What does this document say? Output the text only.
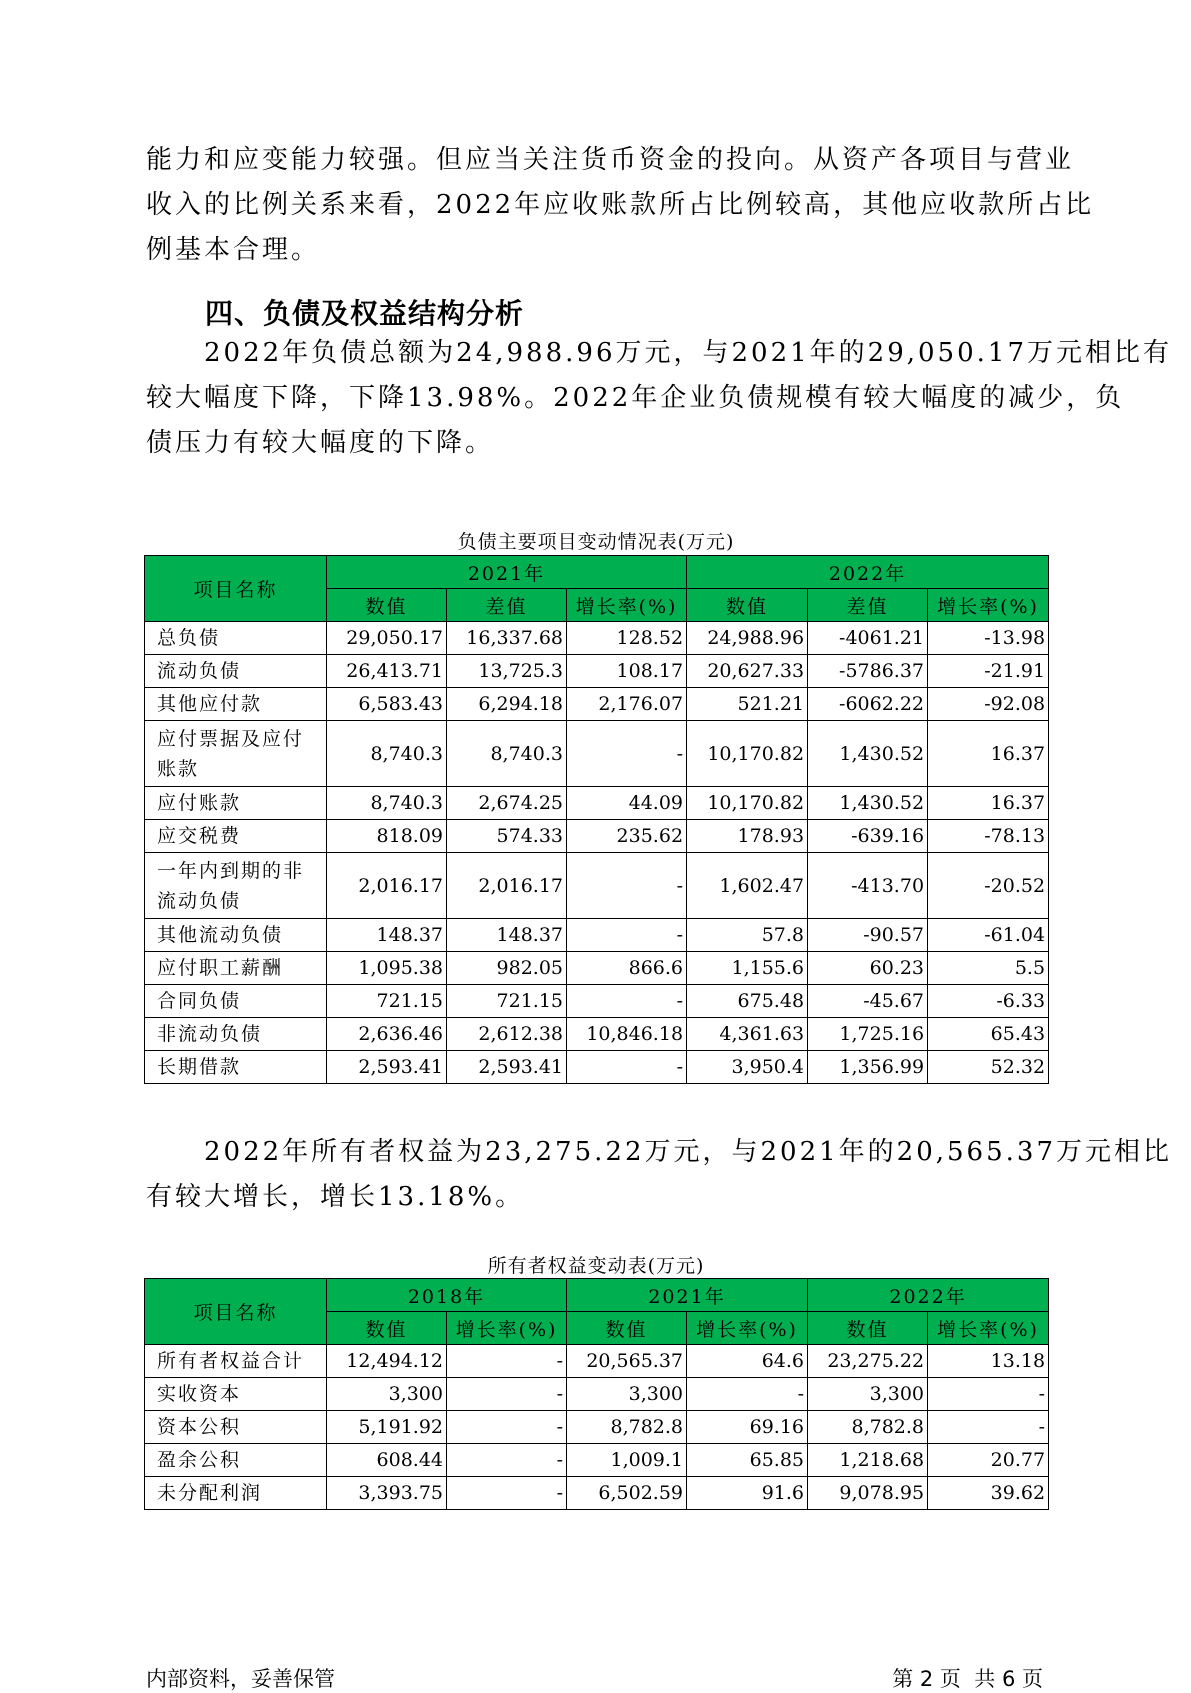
能力和应变能力较强。但应当关注货币资金的投向。从资产各项目与营业
收入的比例关系来看，2022年应收账款所占比例较高，其他应收款所占比
例基本合理。
四、负债及权益结构分析
2022年负债总额为24,988.96万元，与2021年的29,050.17万元相比有
较大幅度下降，下降13.98%。2022年企业负债规模有较大幅度的减少，负
债压力有较大幅度的下降。
负债主要项目变动情况表(万元)
项目名称	2021年			2022年		
	数值	差值	增长率(%)	数值	差值	增长率(%)
总负债	29,050.17	16,337.68	128.52	24,988.96	-4061.21	-13.98
流动负债	26,413.71	13,725.3	108.17	20,627.33	-5786.37	-21.91
其他应付款	6,583.43	6,294.18	2,176.07	521.21	-6062.22	-92.08
应付票据及应付账款	8,740.3	8,740.3	-	10,170.82	1,430.52	16.37
应付账款	8,740.3	2,674.25	44.09	10,170.82	1,430.52	16.37
应交税费	818.09	574.33	235.62	178.93	-639.16	-78.13
一年内到期的非流动负债	2,016.17	2,016.17	-	1,602.47	-413.70	-20.52
其他流动负债	148.37	148.37	-	57.8	-90.57	-61.04
应付职工薪酬	1,095.38	982.05	866.6	1,155.6	60.23	5.5
合同负债	721.15	721.15	-	675.48	-45.67	-6.33
非流动负债	2,636.46	2,612.38	10,846.18	4,361.63	1,725.16	65.43
长期借款	2,593.41	2,593.41	-	3,950.4	1,356.99	52.32
2022年所有者权益为23,275.22万元，与2021年的20,565.37万元相比
有较大增长，增长13.18%。
所有者权益变动表(万元)
项目名称	2018年		2021年		2022年	
	数值	增长率(%)	数值	增长率(%)	数值	增长率(%)
所有者权益合计	12,494.12	-	20,565.37	64.6	23,275.22	13.18
实收资本	3,300	-	3,300	-	3,300	-
资本公积	5,191.92	-	8,782.8	69.16	8,782.8	-
盈余公积	608.44	-	1,009.1	65.85	1,218.68	20.77
未分配利润	3,393.75	-	6,502.59	91.6	9,078.95	39.62
内部资料，妥善保管	第 2 页  共 6 页
